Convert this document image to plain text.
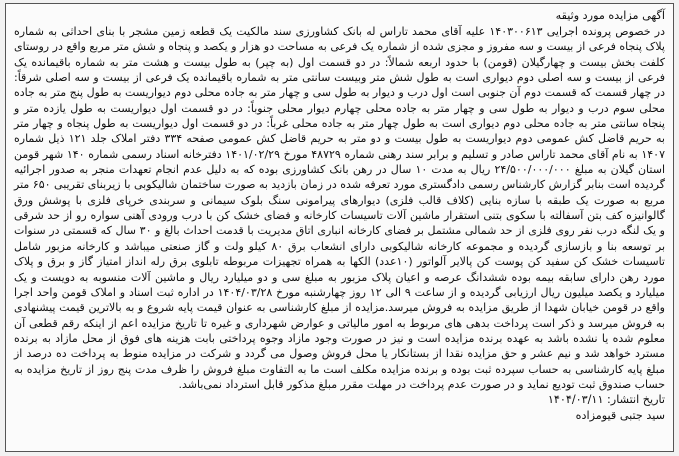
آگهی مزایده مورد وثیقه

در خصوص پرونده اجرایی ۱۴۰۳۰۰۶۱۳ علیه آقای محمد تاراس له بانک کشاورزی سند مالکیت یک قطعه زمین مشجر با بنای احداثی به شماره پلاک پنجاه فرعی از بیست و سه مفروز و مجزی شده از شماره یک فرعی به مساحت دو هزار و یکصد و پنجاه و شش متر مربع واقع در روستای کلفت بخش بیست و چهارگیلان (قومن) با حدود اربعه شمالاً: در دو قسمت اول (به چپر) به طول بیست و هشت متر به شماره باقیمانده یک فرعی از بیست و سه اصلی دوم دیواری است به طول شش متر وبیست سانتی متر به شماره باقیمانده یک فرعی از بیست و سه اصلی شرقاً: در چهار قسمت که قسمت دوم آن جنوبی است اول درب و دیوار به طول سی و چهار متر به جاده محلی دوم دیواریست به طول پنج متر به جاده محلی سوم درب و دیوار به طول سی و چهار متر به جاده محلی چهارم دیوار محلی جنوباً: در دو قسمت اول دیواریست به طول یازده متر و پنجاه سانتی متر به جاده محلی دوم دیواری است به طول چهار متر به جاده محلی غرباً: در دو قسمت اول دیواریست به طول پنجاه و چهار متر به حریم قاضل کش عمومی دوم دیواریست به طول بیست و دو متر به حریم قاضل کش عمومی صفحه ۳۳۴ دفتر املاک جلد ۱۲۱ ذیل شماره ۱۴۰۷ به نام آقای محمد تاراس صادر و تسلیم و برابر سند رهنی شماره ۴۸۷۲۹ مورخ ۱۴۰۱/۰۲/۲۹ دفترخانه اسناد رسمی شماره ۱۴۰ شهر قومن استان گیلان به مبلغ ۲۴/۵۰۰/۰۰۰/۰۰۰ ریال به مدت ۱۰ سال در رهن بانک کشاورزی بوده که به دلیل عدم انجام تعهدات منجر به صدور اجرائیه گردیده است بنابر گزارش کارشناس رسمی دادگستری مورد تعرفه شده در زمان بازدید به صورت ساختمان شالیکوبی با زیربنای تقریبی ۶۵۰ متر مربع به صورت یک طبقه با سازه بنایی (کلاف قالب فلزی) دیوارهای پیرامونی سنگ بلوک سیمانی و سربندی خرپای فلزی با پوشش ورق گالوانیزه کف بتن آسفالته با سکوی بتنی استقرار ماشین آلات تاسیسات کارخانه و فضای خشک کن با درب ورودی آهنی سواره رو از حد شرقی و یک لنگه درب نفر روی فلزی از حد شمالی مشتمل بر فضای کارخانه انباری اتاق مدیریت با قدمت احداث بالغ و ۳۰ سال که قسمتی در سنوات بر توسعه بنا و بازسازی گردیده و مجموعه کارخانه شالیکوبی دارای انشعاب برق ۸۰ کیلو ولت و گاز صنعتی میباشد و کارخانه مزبور شامل تاسیسات خشک کن سفید کن پوست کن پالایر آلواتور (۱۰عدد) الکها به همراه تجهیزات مربوطه تابلوی برق رله انداز امتیاز گاز و برق و پلاک مورد رهن دارای سابقه بیمه بوده ششدانگ عرصه و اعیان پلاک مزبور به مبلغ سی و دو میلیارد ریال و ماشین آلات منسوبه به دویست و یک میلیارد و یکصد میلیون ریال ارزیابی گردیده و از ساعت ۹ الی ۱۲ روز چهارشنبه مورخ ۱۴۰۴/۰۳/۲۸ در اداره ثبت اسناد و املاک قومن واحد اجرا واقع در قومن خیابان شهدا از طریق مزایده به فروش میرسد.مزایده از مبلغ کارشناسی به عنوان قیمت پایه شروع و به بالاترین قیمت پیشنهادی به فروش میرسد و ذکر است پرداخت بدهی های مربوط به امور مالیاتی و عوارض شهرداری و غیره تا تاریخ مزایده اعم از اینکه رقم قطعی آن معلوم شده یا نشده باشد به عهده برنده مزایده است و نیز در صورت وجود مازاد وجوه پرداختی بابت هزینه های فوق از محل مازاد به برنده مسترد خواهد شد و نیم عشر و حق مزایده نقدا از بستانکار یا محل فروش وصول می گردد و شرکت در مزایده منوط به پرداخت ده درصد از مبلغ پایه کارشناسی به حساب سپرده ثبت بوده و برنده مزایده مکلف است ما به التفاوت مبلغ فروش را ظرف مدت پنج روز از تاریخ مزایده به حساب صندوق ثبت تودیع نماید و در صورت عدم پرداخت در مهلت مقرر مبلغ مذکور قابل استرداد نمی‌باشد.

تاریخ انتشار: ۱۴۰۴/۰۳/۱۱

سید جتبی قیومزاده
